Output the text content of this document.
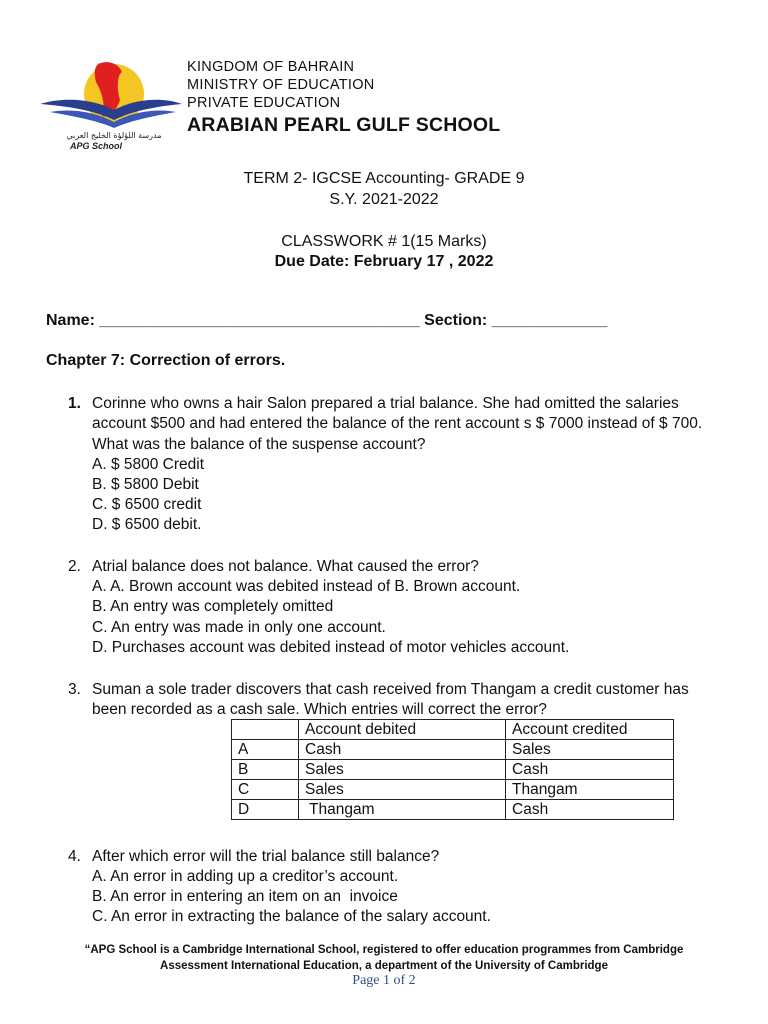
مدرسة اللؤلؤة الخليج العربي
APG School
KINGDOM OF BAHRAIN
MINISTRY OF EDUCATION
PRIVATE EDUCATION
ARABIAN PEARL GULF SCHOOL
TERM 2- IGCSE Accounting- GRADE 9
S.Y. 2021-2022
CLASSWORK # 1(15 Marks)
Due Date: February 17 , 2022
Name: ____________________________________ Section: _____________
Chapter 7: Correction of errors.
1. Corinne who owns a hair Salon prepared a trial balance. She had omitted the salaries account $500 and had entered the balance of the rent account s $ 7000 instead of $ 700. What was the balance of the suspense account?
A. $ 5800 Credit
B. $ 5800 Debit
C. $ 6500 credit
D. $ 6500 debit.
2. Atrial balance does not balance. What caused the error?
A. A. Brown account was debited instead of B. Brown account.
B. An entry was completely omitted
C. An entry was made in only one account.
D. Purchases account was debited instead of motor vehicles account.
3. Suman a sole trader discovers that cash received from Thangam a credit customer has been recorded as a cash sale. Which entries will correct the error?
	Account debited	Account credited
A	Cash	Sales
B	Sales	Cash
C	Sales	Thangam
D	Thangam	Cash
4. After which error will the trial balance still balance?
A. An error in adding up a creditor’s account.
B. An error in entering an item on an  invoice
C. An error in extracting the balance of the salary account.
“APG School is a Cambridge International School, registered to offer education programmes from Cambridge
Assessment International Education, a department of the University of Cambridge
Page 1 of 2
